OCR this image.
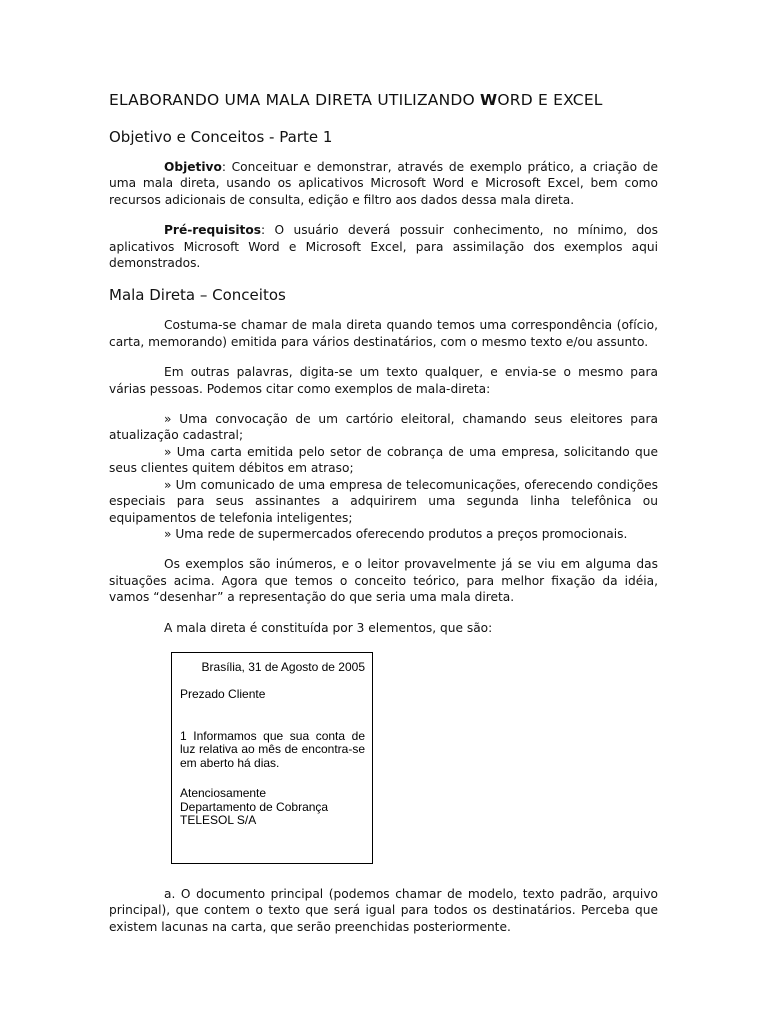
ELABORANDO UMA MALA DIRETA UTILIZANDO WORD E EXCEL
Objetivo e Conceitos - Parte 1

Objetivo: Conceituar e demonstrar, através de exemplo prático, a criação de uma mala direta, usando os aplicativos Microsoft Word e Microsoft Excel, bem como recursos adicionais de consulta, edição e filtro aos dados dessa mala direta.

Pré-requisitos: O usuário deverá possuir conhecimento, no mínimo, dos aplicativos Microsoft Word e Microsoft Excel, para assimilação dos exemplos aqui demonstrados.

Mala Direta – Conceitos

Costuma-se chamar de mala direta quando temos uma correspondência (ofício, carta, memorando) emitida para vários destinatários, com o mesmo texto e/ou assunto.

Em outras palavras, digita-se um texto qualquer, e envia-se o mesmo para várias pessoas. Podemos citar como exemplos de mala-direta:

» Uma convocação de um cartório eleitoral, chamando seus eleitores para atualização cadastral;

» Uma carta emitida pelo setor de cobrança de uma empresa, solicitando que seus clientes quitem débitos em atraso;

» Um comunicado de uma empresa de telecomunicações, oferecendo condições especiais para seus assinantes a adquirirem uma segunda linha telefônica ou equipamentos de telefonia inteligentes;

» Uma rede de supermercados oferecendo produtos a preços promocionais.

Os exemplos são inúmeros, e o leitor provavelmente já se viu em alguma das situações acima. Agora que temos o conceito teórico, para melhor fixação da idéia, vamos “desenhar” a representação do que seria uma mala direta.

A mala direta é constituída por 3 elementos, que são:

Brasília, 31 de Agosto de 2005
Prezado Cliente
1 Informamos que sua conta de luz relativa ao mês de encontra-se em aberto há dias.
Atenciosamente
Departamento de Cobrança
TELESOL S/A

a. O documento principal (podemos chamar de modelo, texto padrão, arquivo principal), que contem o texto que será igual para todos os destinatários. Perceba que existem lacunas na carta, que serão preenchidas posteriormente.
